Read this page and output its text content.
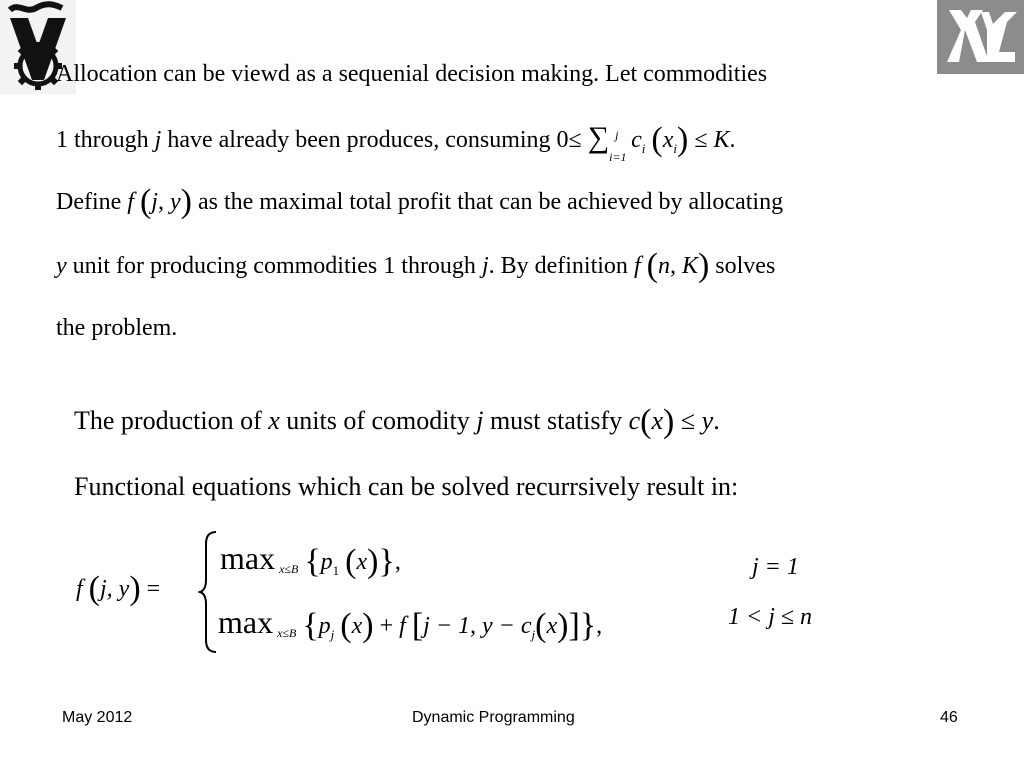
Allocation can be viewd as a sequenial decision making. Let commodities
1 through j have already been produces, consuming 0≤ ∑ j
i=1
$c_i$ $(x_i) \le K$.
Define f (j, y) as the maximal total profit that can be achieved by allocating
y unit for producing commodities 1 through j. By definition f (n, K) solves
the problem.
The production of x units of comodity j must statisfy c(x) ≤ y.
Functional equations which can be solved recurrsively result in:
f (j, y) =
max x≤B {$p_1$ (x)},	j = 1
max x≤B {$p_j$ (x) + f [j − 1, $y - c_j(x)$]},	1 < j ≤ n
May 2012	Dynamic Programming	46
